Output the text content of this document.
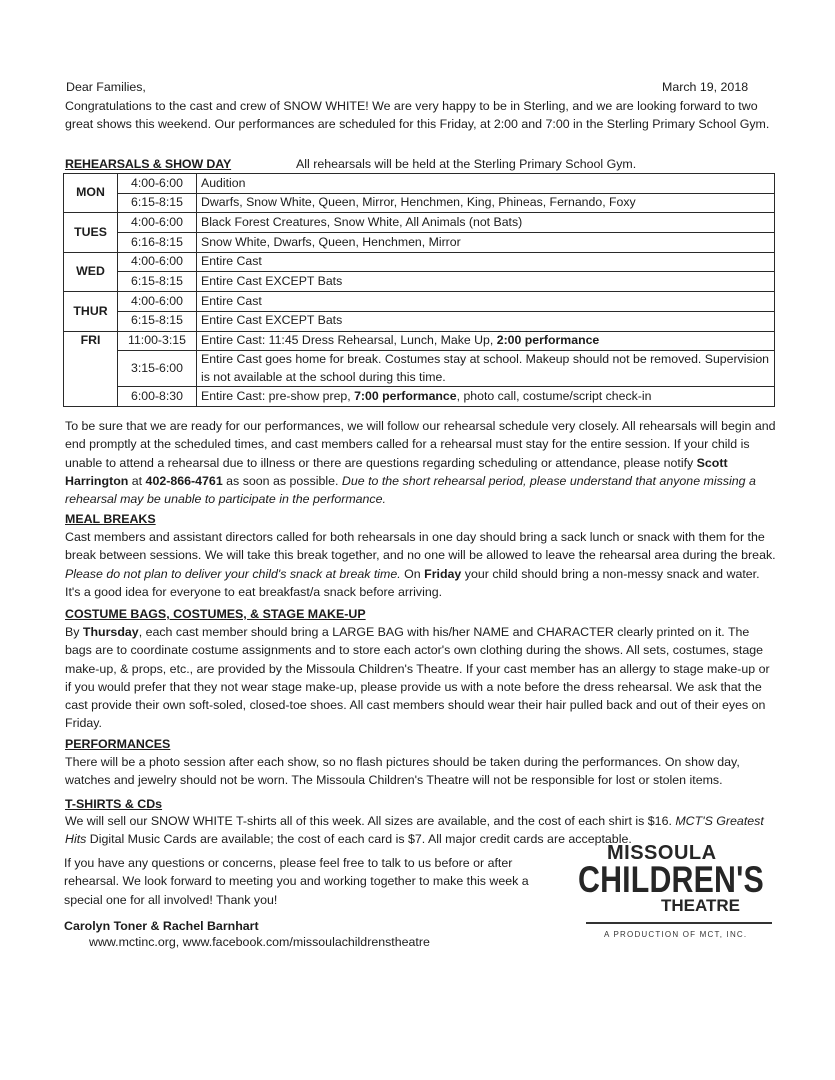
Dear Families,	March 19, 2018

Congratulations to the cast and crew of SNOW WHITE! We are very happy to be in Sterling, and we are looking forward to two great shows this weekend. Our performances are scheduled for this Friday, at 2:00 and 7:00 in the Sterling Primary School Gym.

REHEARSALS & SHOW DAY	All rehearsals will be held at the Sterling Primary School Gym.

MON	4:00-6:00	Audition
	6:15-8:15	Dwarfs, Snow White, Queen, Mirror, Henchmen, King, Phineas, Fernando, Foxy
TUES	4:00-6:00	Black Forest Creatures, Snow White, All Animals (not Bats)
	6:16-8:15	Snow White, Dwarfs, Queen, Henchmen, Mirror
WED	4:00-6:00	Entire Cast
	6:15-8:15	Entire Cast EXCEPT Bats
THUR	4:00-6:00	Entire Cast
	6:15-8:15	Entire Cast EXCEPT Bats
FRI	11:00-3:15	Entire Cast: 11:45 Dress Rehearsal, Lunch, Make Up, 2:00 performance
	3:15-6:00	Entire Cast goes home for break. Costumes stay at school. Makeup should not be removed. Supervision is not available at the school during this time.
	6:00-8:30	Entire Cast: pre-show prep, 7:00 performance, photo call, costume/script check-in

To be sure that we are ready for our performances, we will follow our rehearsal schedule very closely. All rehearsals will begin and end promptly at the scheduled times, and cast members called for a rehearsal must stay for the entire session. If your child is unable to attend a rehearsal due to illness or there are questions regarding scheduling or attendance, please notify Scott Harrington at 402-866-4761 as soon as possible. Due to the short rehearsal period, please understand that anyone missing a rehearsal may be unable to participate in the performance.

MEAL BREAKS

Cast members and assistant directors called for both rehearsals in one day should bring a sack lunch or snack with them for the break between sessions. We will take this break together, and no one will be allowed to leave the rehearsal area during the break. Please do not plan to deliver your child's snack at break time. On Friday your child should bring a non-messy snack and water. It's a good idea for everyone to eat breakfast/a snack before arriving.

COSTUME BAGS, COSTUMES, & STAGE MAKE-UP

By Thursday, each cast member should bring a LARGE BAG with his/her NAME and CHARACTER clearly printed on it. The bags are to coordinate costume assignments and to store each actor's own clothing during the shows. All sets, costumes, stage make-up, & props, etc., are provided by the Missoula Children's Theatre. If your cast member has an allergy to stage make-up or if you would prefer that they not wear stage make-up, please provide us with a note before the dress rehearsal. We ask that the cast provide their own soft-soled, closed-toe shoes. All cast members should wear their hair pulled back and out of their eyes on Friday.

PERFORMANCES

There will be a photo session after each show, so no flash pictures should be taken during the performances. On show day, watches and jewelry should not be worn. The Missoula Children's Theatre will not be responsible for lost or stolen items.

T-SHIRTS & CDs

We will sell our SNOW WHITE T-shirts all of this week. All sizes are available, and the cost of each shirt is $16. MCT'S Greatest Hits Digital Music Cards are available; the cost of each card is $7. All major credit cards are acceptable.

If you have any questions or concerns, please feel free to talk to us before or after rehearsal. We look forward to meeting you and working together to make this week a special one for all involved! Thank you!

Carolyn Toner & Rachel Barnhart

www.mctinc.org, www.facebook.com/missoulachildrenstheatre

MISSOULA
CHILDREN'S
THEATRE
A PRODUCTION OF MCT, INC.
